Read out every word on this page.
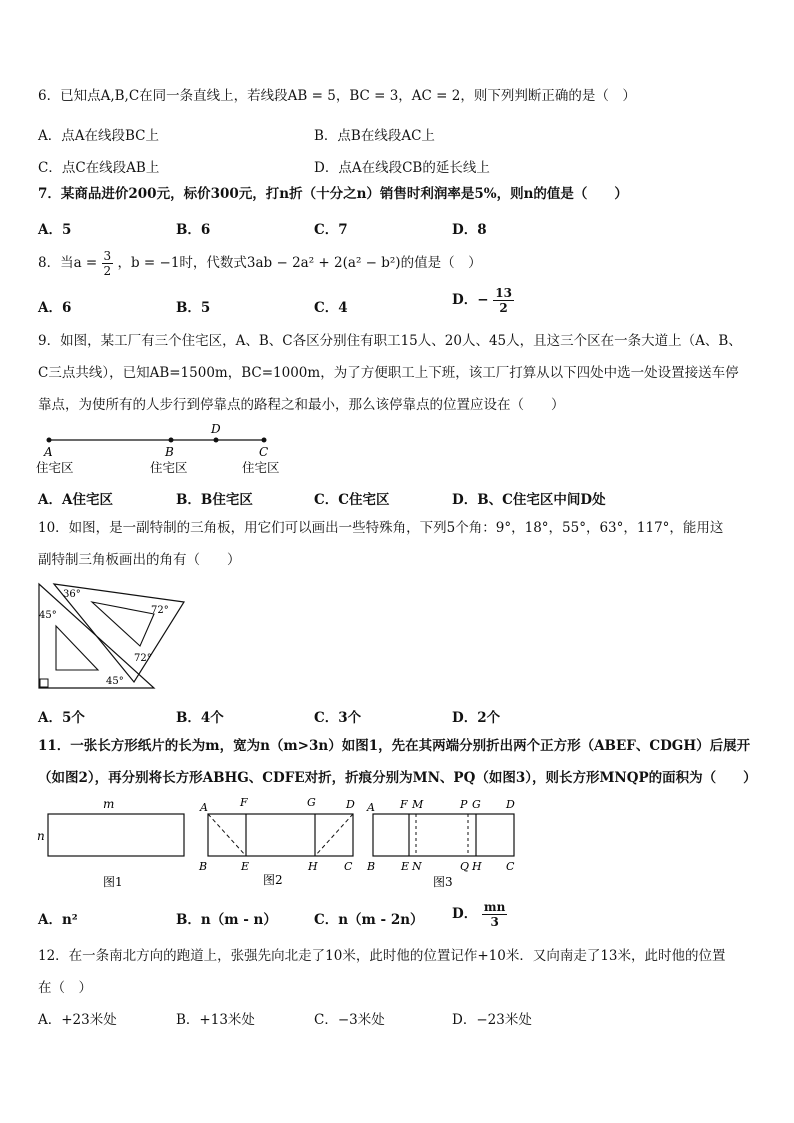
6．已知点A,B,C在同一条直线上，若线段AB = 5，BC = 3，AC = 2，则下列判断正确的是（　）
A．点A在线段BC上	B．点B在线段AC上
C．点C在线段AB上	D．点A在线段CB的延长线上
7．某商品进价200元，标价300元，打n折（十分之n）销售时利润率是5%，则n的值是（　　）
A．5	B．6	C．7	D．8
8．当$a = \frac{3}{2}$ ，b = −1时，代数式3ab − 2a² + 2(a² − b²)的值是（　）
A．6	B．5	C．4	D．− $\frac{13}{2}$
9．如图，某工厂有三个住宅区，A、B、C各区分别住有职工15人、20人、45人，且这三个区在一条大道上（A、B、
C三点共线），已知AB=1500m，BC=1000m，为了方便职工上下班，该工厂打算从以下四处中选一处设置接送车停
靠点，为使所有的人步行到停靠点的路程之和最小，那么该停靠点的位置应设在（　　）
A	B
D
C
住宅区	住宅区	住宅区
A．A住宅区	B．B住宅区	C．C住宅区	D．B、C住宅区中间D处
10．如图，是一副特制的三角板，用它们可以画出一些特殊角，下列5个角：9°，18°，55°，63°，117°，能用这
副特制三角板画出的角有（　　）
36°
72°
45°
72°
45°
A．5个	B．4个	C．3个	D．2个
11．一张长方形纸片的长为m，宽为n（m>3n）如图1，先在其两端分别折出两个正方形（ABEF、CDGH）后展开
（如图2），再分别将长方形ABHG、CDFE对折，折痕分别为MN、PQ（如图3），则长方形MNQP的面积为（　　）
m
n
图1
A	F	G	D
B	E	H C
图2
A F M	P G D
B E N	Q H C
图3
A．n²	B．n（m - n）	C．n（m - 2n） D． $\frac{mn}{3}$
12．在一条南北方向的跑道上，张强先向北走了10米，此时他的位置记作+10米．又向南走了13米，此时他的位置
在（　）
A．+23米处	B．+13米处	C．−3米处	D．−23米处
